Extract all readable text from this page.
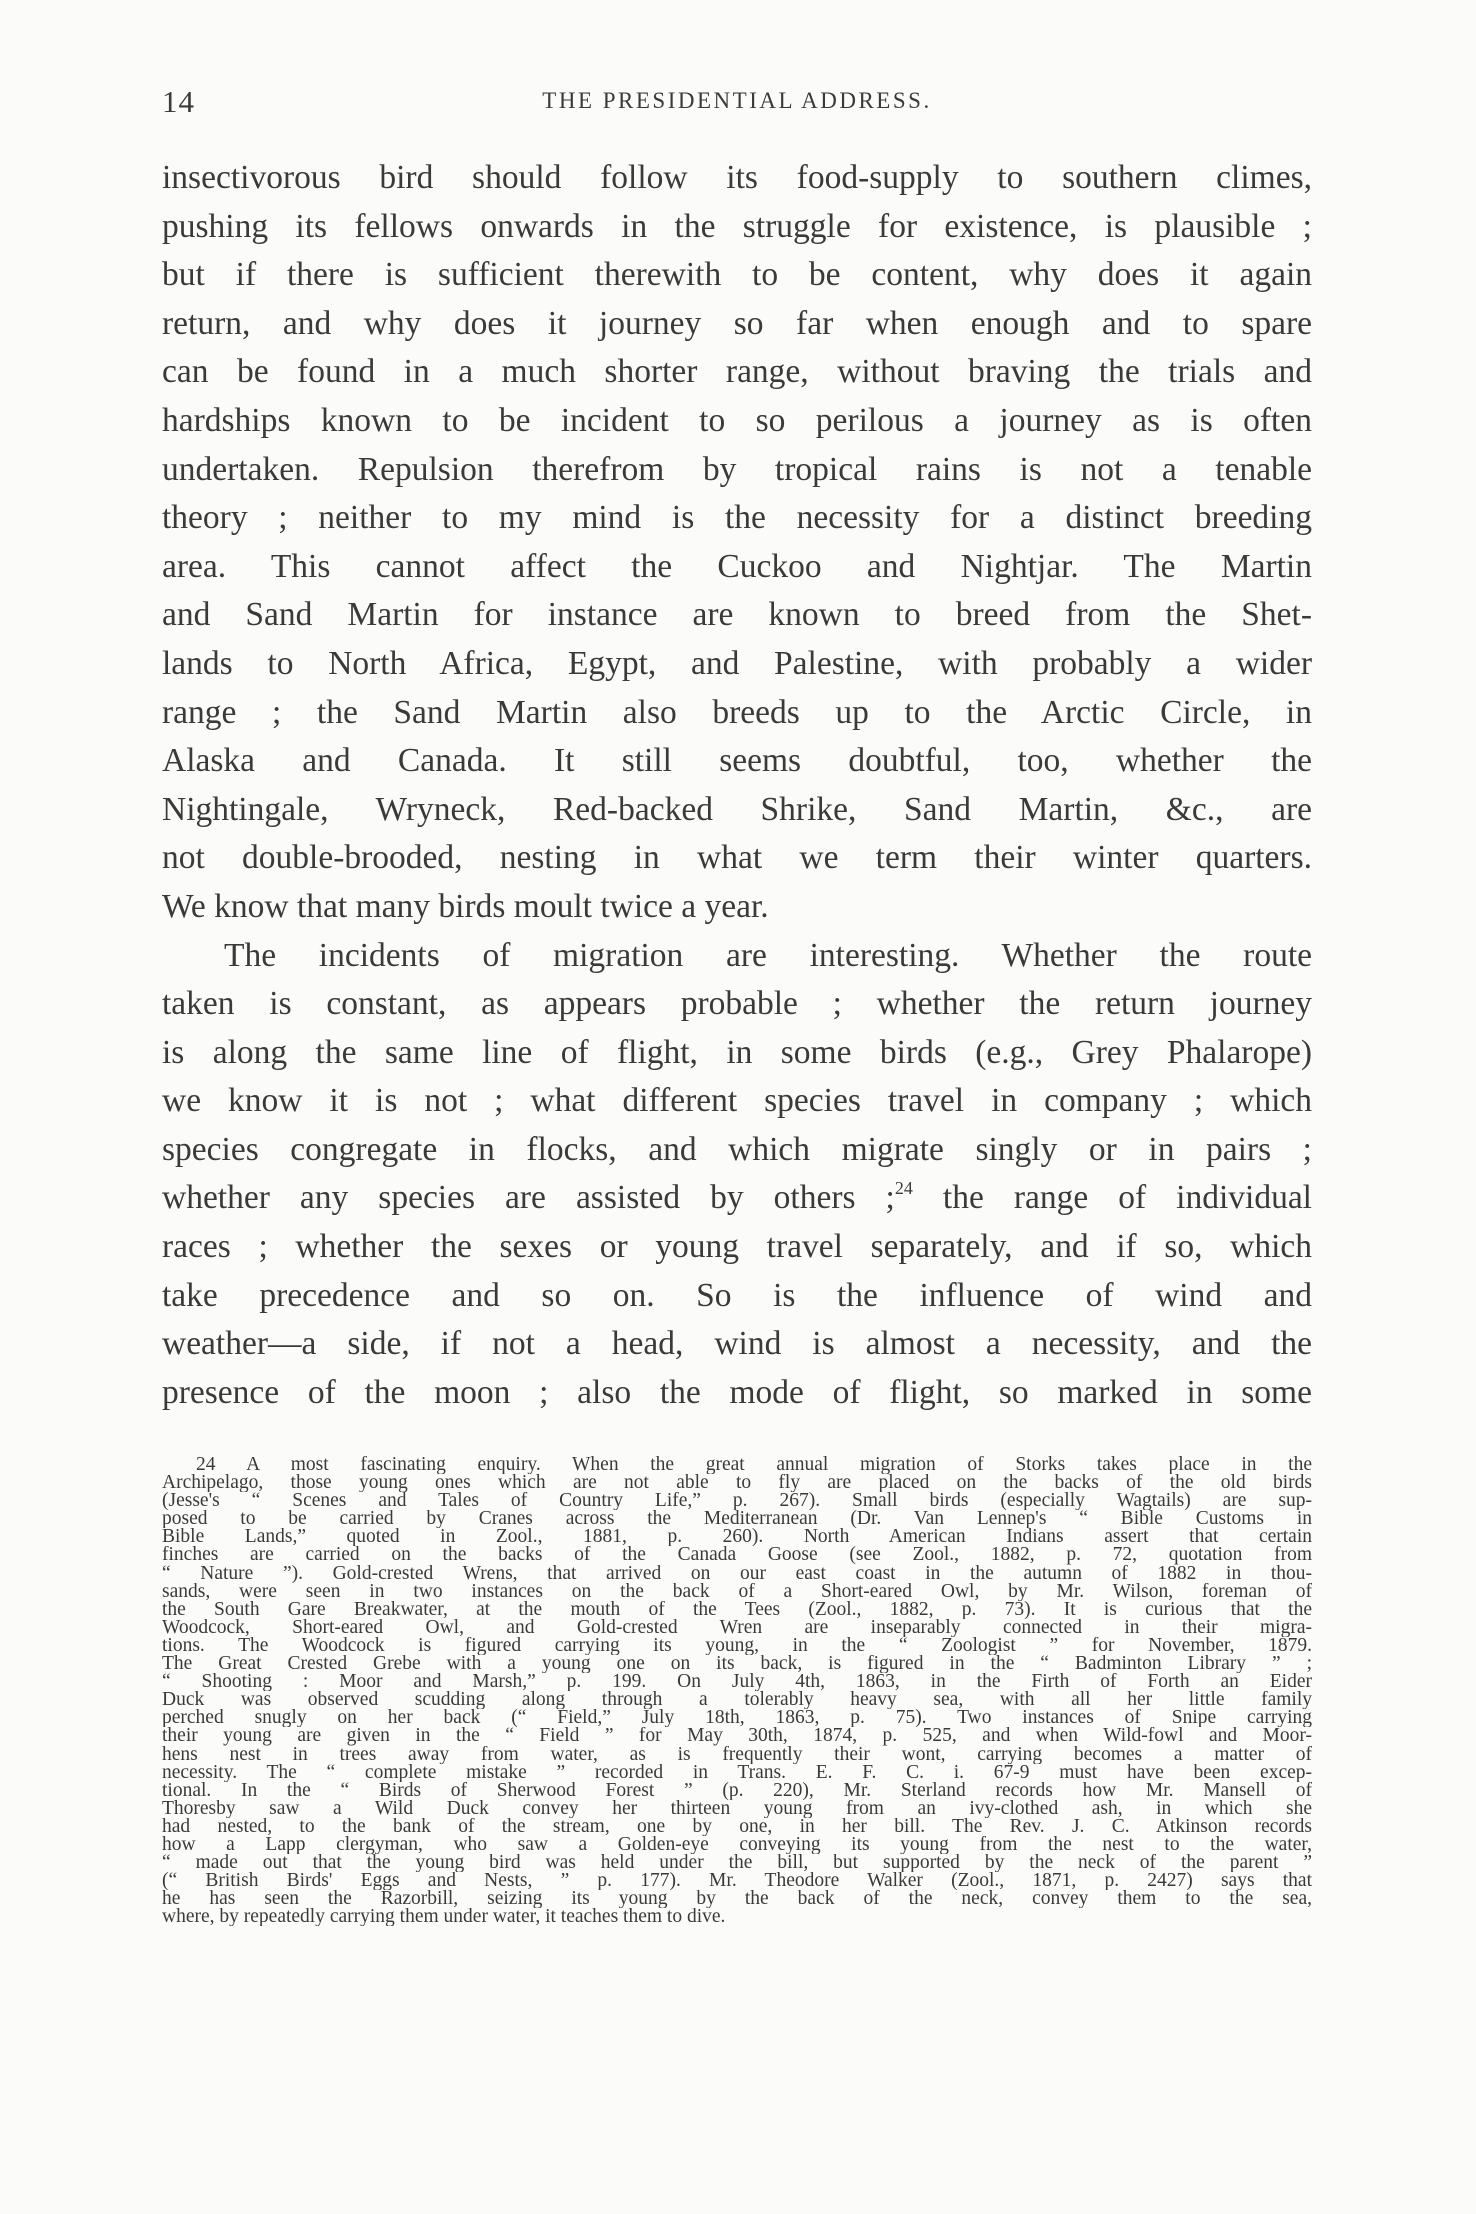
14	THE PRESIDENTIAL ADDRESS.
insectivorous bird should follow its food-supply to southern climes,
pushing its fellows onwards in the struggle for existence, is plausible ;
but if there is sufficient therewith to be content, why does it again
return, and why does it journey so far when enough and to spare
can be found in a much shorter range, without braving the trials and
hardships known to be incident to so perilous a journey as is often
undertaken. Repulsion therefrom by tropical rains is not a tenable
theory ; neither to my mind is the necessity for a distinct breeding
area. This cannot affect the Cuckoo and Nightjar. The Martin
and Sand Martin for instance are known to breed from the Shet-
lands to North Africa, Egypt, and Palestine, with probably a wider
range ; the Sand Martin also breeds up to the Arctic Circle, in
Alaska and Canada. It still seems doubtful, too, whether the
Nightingale, Wryneck, Red-backed Shrike, Sand Martin, &c., are
not double-brooded, nesting in what we term their winter quarters.
We know that many birds moult twice a year.
The incidents of migration are interesting. Whether the route
taken is constant, as appears probable ; whether the return journey
is along the same line of flight, in some birds (e.g., Grey Phalarope)
we know it is not ; what different species travel in company ; which
species congregate in flocks, and which migrate singly or in pairs ;
whether any species are assisted by others ;$^{24}$ the range of individual
races ; whether the sexes or young travel separately, and if so, which
take precedence and so on. So is the influence of wind and
weather—a side, if not a head, wind is almost a necessity, and the
presence of the moon ; also the mode of flight, so marked in some
24 A most fascinating enquiry. When the great annual migration of Storks takes place in the
Archipelago, those young ones which are not able to fly are placed on the backs of the old birds
(Jesse's “ Scenes and Tales of Country Life,” p. 267). Small birds (especially Wagtails) are sup-
posed to be carried by Cranes across the Mediterranean (Dr. Van Lennep's “ Bible Customs in
Bible Lands,” quoted in Zool., 1881, p. 260). North American Indians assert that certain
finches are carried on the backs of the Canada Goose (see Zool., 1882, p. 72, quotation from
“ Nature ”). Gold-crested Wrens, that arrived on our east coast in the autumn of 1882 in thou-
sands, were seen in two instances on the back of a Short-eared Owl, by Mr. Wilson, foreman of
the South Gare Breakwater, at the mouth of the Tees (Zool., 1882, p. 73). It is curious that the
Woodcock, Short-eared Owl, and Gold-crested Wren are inseparably connected in their migra-
tions. The Woodcock is figured carrying its young, in the “ Zoologist ” for November, 1879.
The Great Crested Grebe with a young one on its back, is figured in the “ Badminton Library ” ;
“ Shooting : Moor and Marsh,” p. 199. On July 4th, 1863, in the Firth of Forth an Eider
Duck was observed scudding along through a tolerably heavy sea, with all her little family
perched snugly on her back (“ Field,” July 18th, 1863, p. 75). Two instances of Snipe carrying
their young are given in the “ Field ” for May 30th, 1874, p. 525, and when Wild-fowl and Moor-
hens nest in trees away from water, as is frequently their wont, carrying becomes a matter of
necessity. The “ complete mistake ” recorded in Trans. E. F. C. i. 67-9 must have been excep-
tional. In the “ Birds of Sherwood Forest ” (p. 220), Mr. Sterland records how Mr. Mansell of
Thoresby saw a Wild Duck convey her thirteen young from an ivy-clothed ash, in which she
had nested, to the bank of the stream, one by one, in her bill. The Rev. J. C. Atkinson records
how a Lapp clergyman, who saw a Golden-eye conveying its young from the nest to the water,
“ made out that the young bird was held under the bill, but supported by the neck of the parent ”
(“ British Birds' Eggs and Nests, ” p. 177). Mr. Theodore Walker (Zool., 1871, p. 2427) says that
he has seen the Razorbill, seizing its young by the back of the neck, convey them to the sea,
where, by repeatedly carrying them under water, it teaches them to dive.
